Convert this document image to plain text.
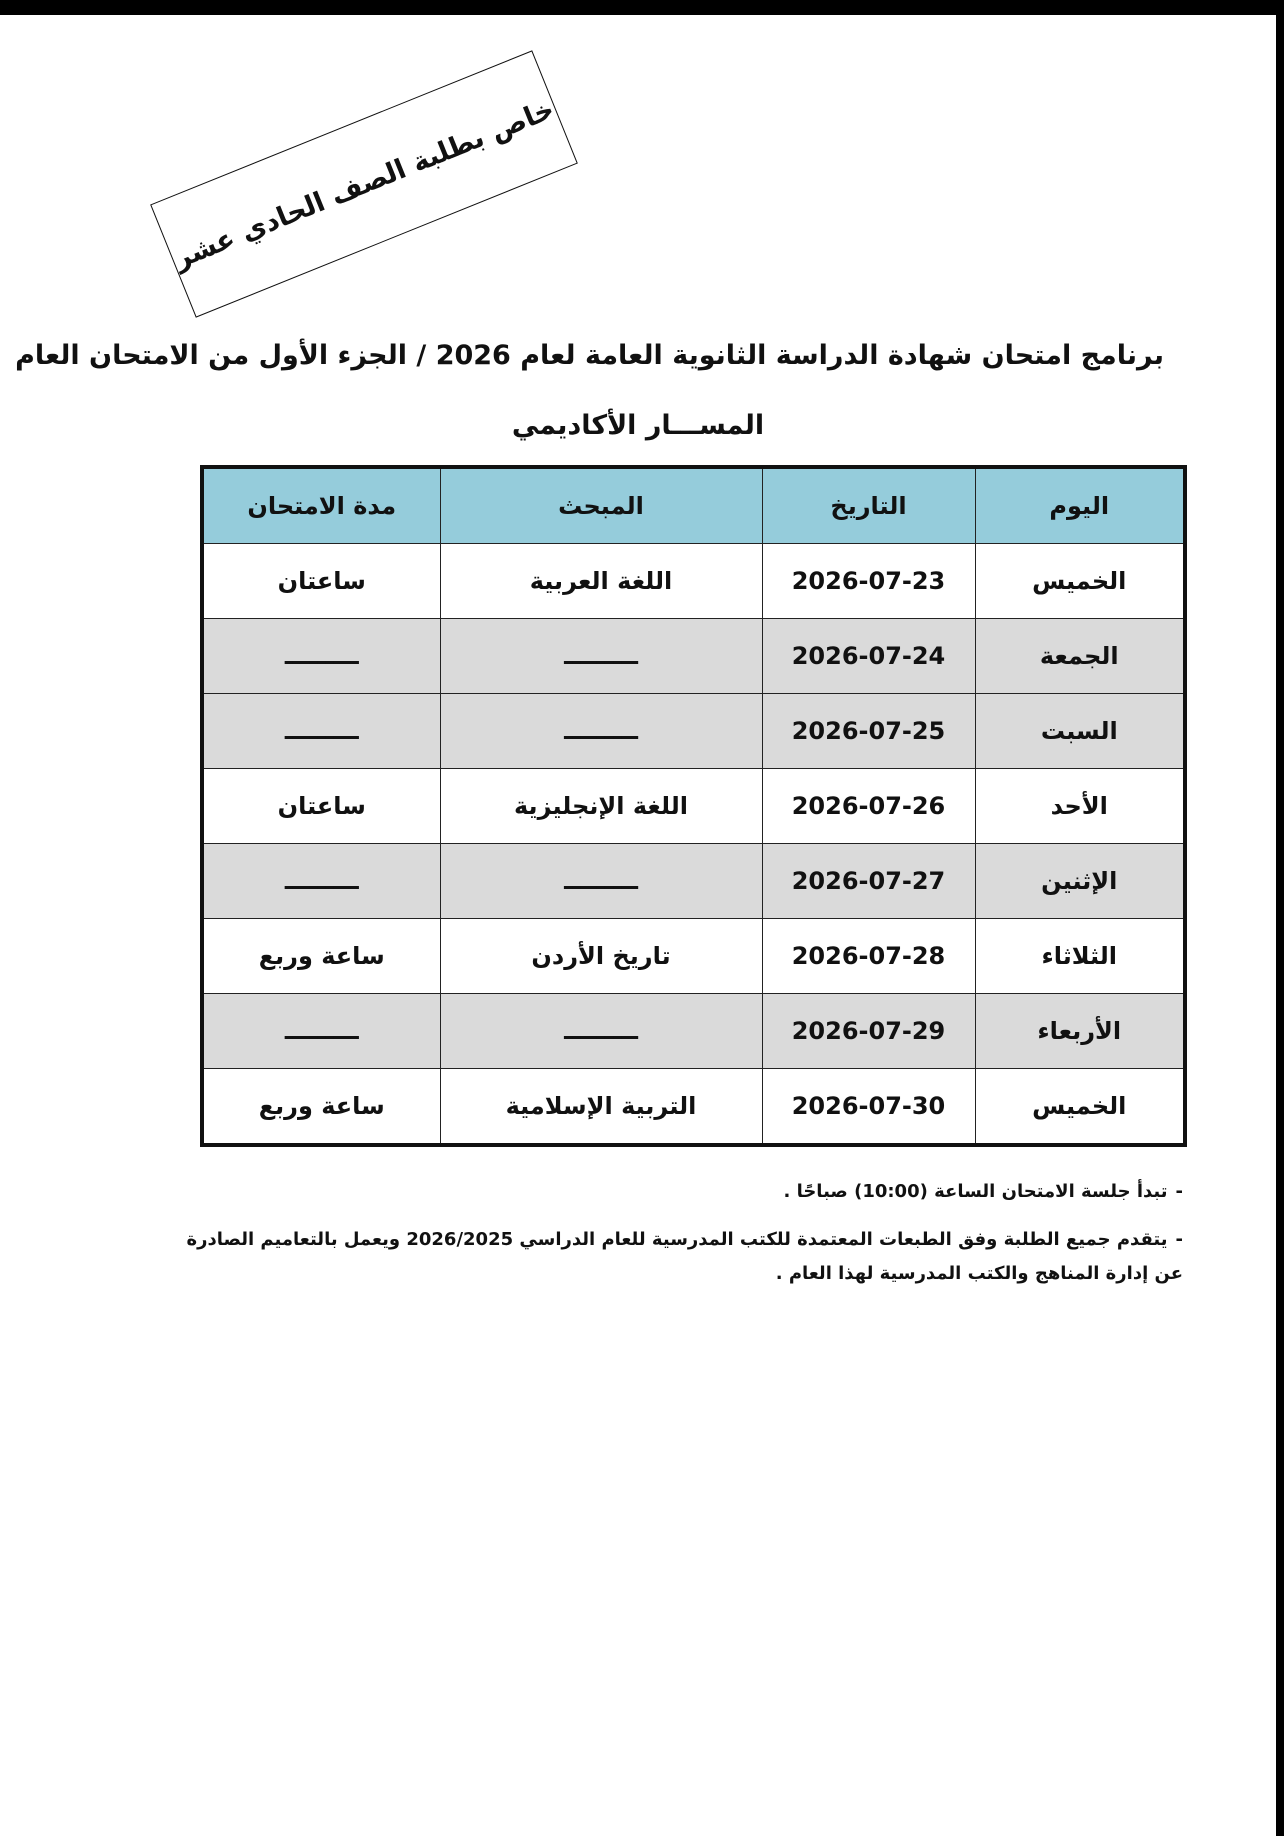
خاص بطلبة الصف الحادي عشر
برنامج امتحان شهادة الدراسة الثانوية العامة لعام 2026 / الجزء الأول من الامتحان العام
المســـار الأكاديمي
اليوم	التاريخ	المبحث	مدة الامتحان
الخميس	2026-07-23	اللغة العربية	ساعتان
الجمعة	2026-07-24	ـــــــــ	ـــــــــ
السبت	2026-07-25	ـــــــــ	ـــــــــ
الأحد	2026-07-26	اللغة الإنجليزية	ساعتان
الإثنين	2026-07-27	ـــــــــ	ـــــــــ
الثلاثاء	2026-07-28	تاريخ الأردن	ساعة وربع
الأربعاء	2026-07-29	ـــــــــ	ـــــــــ
الخميس	2026-07-30	التربية الإسلامية	ساعة وربع
-تبدأ جلسة الامتحان الساعة (10:00) صباحًا .
-يتقدم جميع الطلبة وفق الطبعات المعتمدة للكتب المدرسية للعام الدراسي 2026/2025 ويعمل بالتعاميم الصادرة عن إدارة المناهج والكتب المدرسية لهذا العام .
